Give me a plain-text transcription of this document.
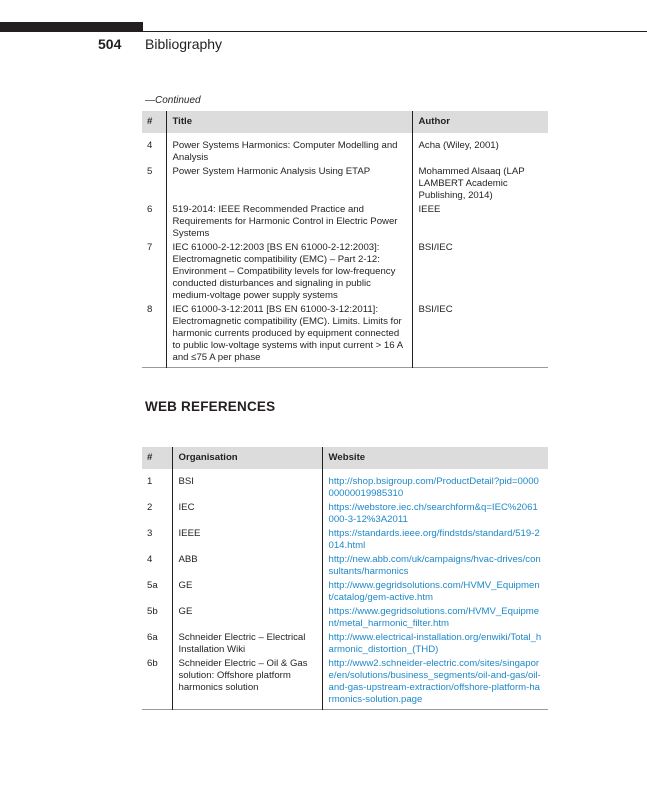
504 Bibliography
—Continued
#	Title	Author

4	Power Systems Harmonics: Computer Modelling and Analysis	Acha (Wiley, 2001)
5	Power System Harmonic Analysis Using ETAP	Mohammed Alsaaq (LAP LAMBERT Academic Publishing, 2014)
6	519-2014: IEEE Recommended Practice and Requirements for Harmonic Control in Electric Power Systems	IEEE
7	IEC 61000-2-12:2003 [BS EN 61000-2-12:2003]: Electromagnetic compatibility (EMC) – Part 2-12: Environment – Compatibility levels for low-frequency conducted disturbances and signaling in public medium-voltage power supply systems	BSI/IEC
8	IEC 61000-3-12:2011 [BS EN 61000-3-12:2011]: Electromagnetic compatibility (EMC). Limits. Limits for harmonic currents produced by equipment connected to public low-voltage systems with input current > 16 A and ≤75 A per phase	BSI/IEC
WEB REFERENCES
#	Organisation	Website

1	BSI	http://shop.bsigroup.com/ProductDetail?pid=000000000019985310
2	IEC	https://webstore.iec.ch/searchform&q=IEC%2061000-3-12%3A2011
3	IEEE	https://standards.ieee.org/findstds/standard/519-2014.html
4	ABB	http://new.abb.com/uk/campaigns/hvac-drives/consultants/harmonics
5a	GE	http://www.gegridsolutions.com/HVMV_Equipment/catalog/gem-active.htm
5b	GE	https://www.gegridsolutions.com/HVMV_Equipment/metal_harmonic_filter.htm
6a	Schneider Electric – Electrical Installation Wiki	http://www.electrical-installation.org/enwiki/Total_harmonic_distortion_(THD)
6b	Schneider Electric – Oil & Gas solution: Offshore platform harmonics solution	http://www2.schneider-electric.com/sites/singapore/en/solutions/business_segments/oil-and-gas/oil-and-gas-upstream-extraction/offshore-platform-harmonics-solution.page
